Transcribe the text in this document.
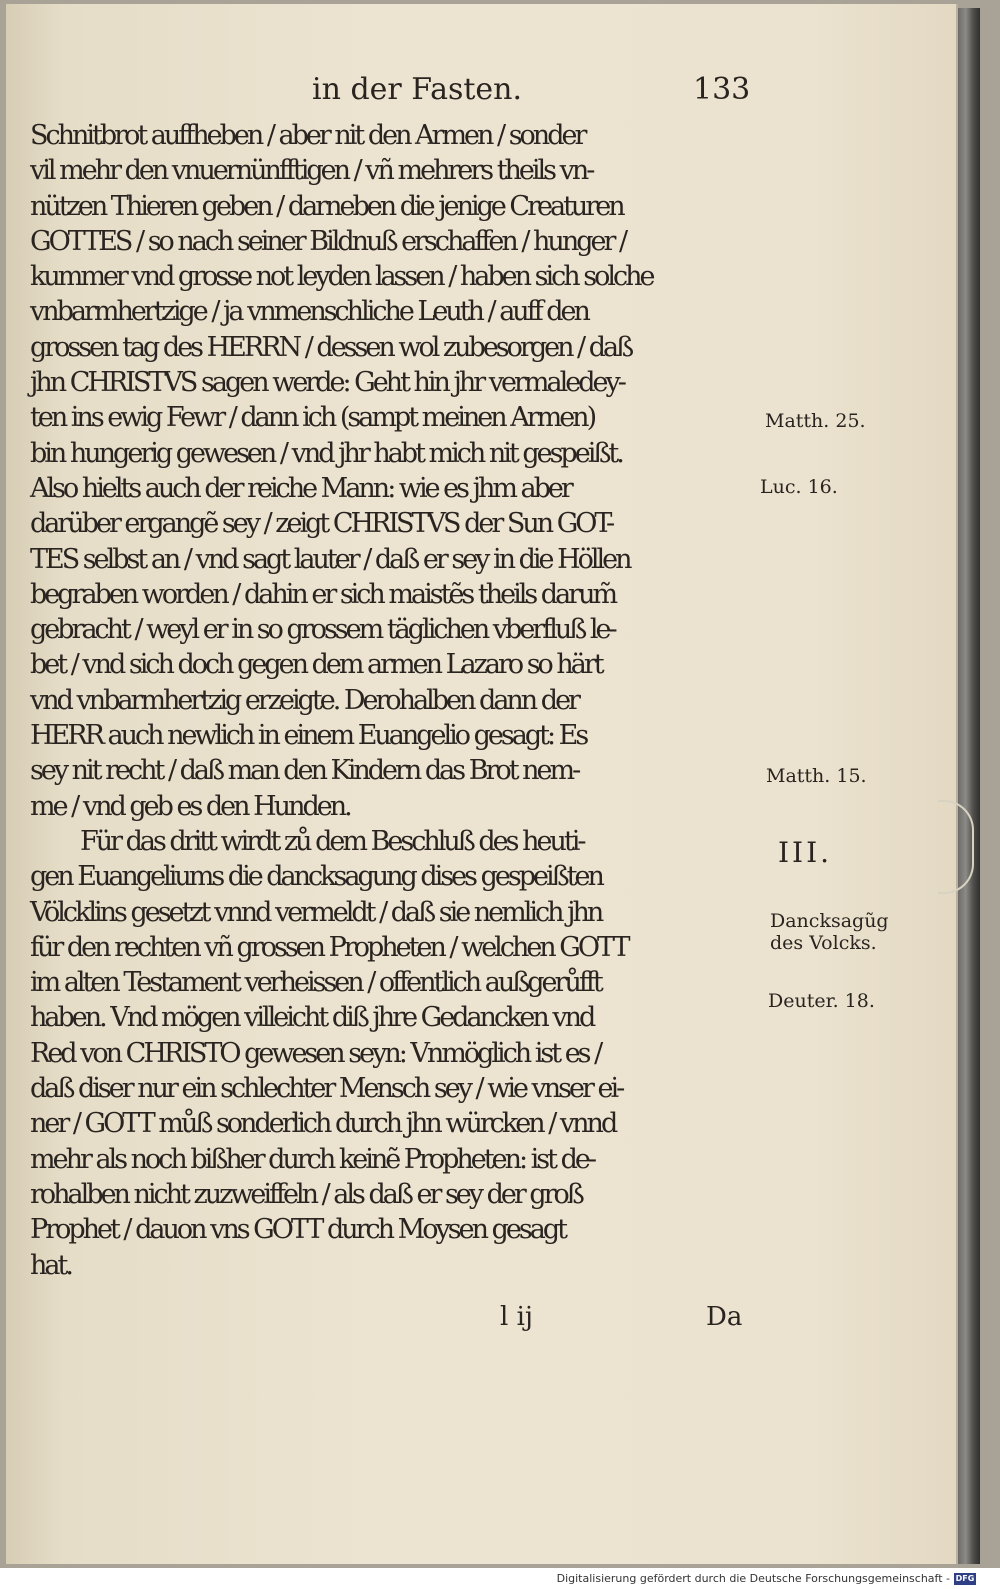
in der Fasten.	133
Schnitbrot auffheben / aber nit den Armen / sonder
vil mehr den vnuernünfftigen / vñ mehrers theils vn-
nützen Thieren geben / darneben die jenige Creaturen
GOTTES / so nach seiner Bildnuß erschaffen / hunger /
kummer vnd grosse not leyden lassen / haben sich solche
vnbarmhertzige / ja vnmenschliche Leuth / auff den
grossen tag des HERRN / dessen wol zubesorgen / daß
jhn CHRISTVS sagen werde: Geht hin jhr vermaledey-
ten ins ewig Fewr / dann ich (sampt meinen Armen)
bin hungerig gewesen / vnd jhr habt mich nit gespeißt.
Also hielts auch der reiche Mann: wie es jhm aber
darüber ergangẽ sey / zeigt CHRISTVS der Sun GOT-
TES selbst an / vnd sagt lauter / daß er sey in die Höllen
begraben worden / dahin er sich maistẽs theils darum̃
gebracht / weyl er in so grossem täglichen vberfluß le-
bet / vnd sich doch gegen dem armen Lazaro so härt
vnd vnbarmhertzig erzeigte. Derohalben dann der
HERR auch newlich in einem Euangelio gesagt: Es
sey nit recht / daß man den Kindern das Brot nem-
me / vnd geb es den Hunden.
Für das dritt wirdt zů dem Beschluß des heuti-
gen Euangeliums die dancksagung dises gespeißten
Völcklins gesetzt vnnd vermeldt / daß sie nemlich jhn
für den rechten vñ grossen Propheten / welchen GOTT
im alten Testament verheissen / offentlich außgerůfft
haben. Vnd mögen villeicht diß jhre Gedancken vnd
Red von CHRISTO gewesen seyn: Vnmöglich ist es /
daß diser nur ein schlechter Mensch sey / wie vnser ei-
ner / GOTT můß sonderlich durch jhn würcken / vnnd
mehr als noch bißher durch keinẽ Propheten: ist de-
rohalben nicht zuzweiffeln / als daß er sey der groß
Prophet / dauon vns GOTT durch Moysen gesagt
hat.
Matth. 25.
Luc. 16.
Matth. 15.
III.
Dancksagũg
des Volcks.
Deuter. 18.
l ij	Da
Digitalisierung gefördert durch die Deutsche Forschungsgemeinschaft - DFG
